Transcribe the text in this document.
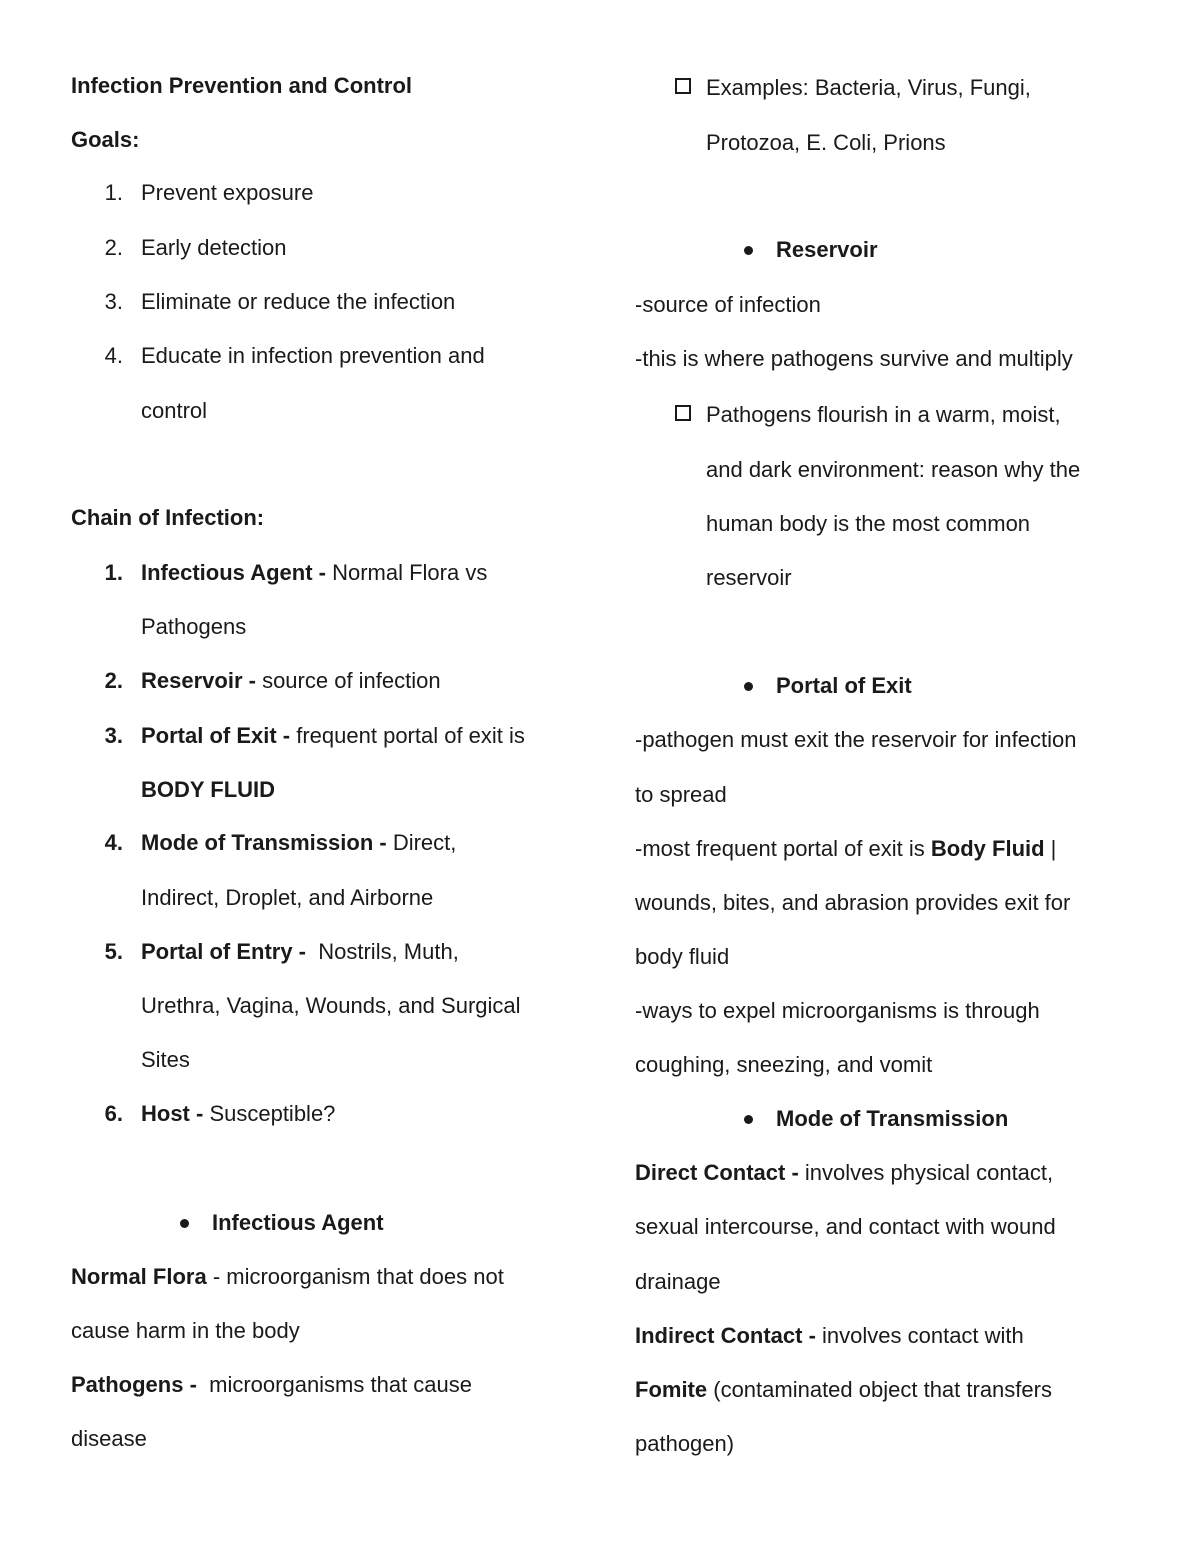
Infection Prevention and Control
Goals:
1. Prevent exposure
2. Early detection
3. Eliminate or reduce the infection
4. Educate in infection prevention and
control
Chain of Infection:
1. Infectious Agent - Normal Flora vs
Pathogens
2. Reservoir - source of infection
3. Portal of Exit - frequent portal of exit is
BODY FLUID
4. Mode of Transmission - Direct,
Indirect, Droplet, and Airborne
5. Portal of Entry -  Nostrils, Muth,
Urethra, Vagina, Wounds, and Surgical
Sites
6. Host - Susceptible?
Infectious Agent
Normal Flora - microorganism that does not
cause harm in the body
Pathogens -  microorganisms that cause
disease
Examples: Bacteria, Virus, Fungi,
Protozoa, E. Coli, Prions
Reservoir
-source of infection
-this is where pathogens survive and multiply
Pathogens flourish in a warm, moist,
and dark environment: reason why the
human body is the most common
reservoir
Portal of Exit
-pathogen must exit the reservoir for infection
to spread
-most frequent portal of exit is Body Fluid |
wounds, bites, and abrasion provides exit for
body fluid
-ways to expel microorganisms is through
coughing, sneezing, and vomit
Mode of Transmission
Direct Contact - involves physical contact,
sexual intercourse, and contact with wound
drainage
Indirect Contact - involves contact with
Fomite (contaminated object that transfers
pathogen)
